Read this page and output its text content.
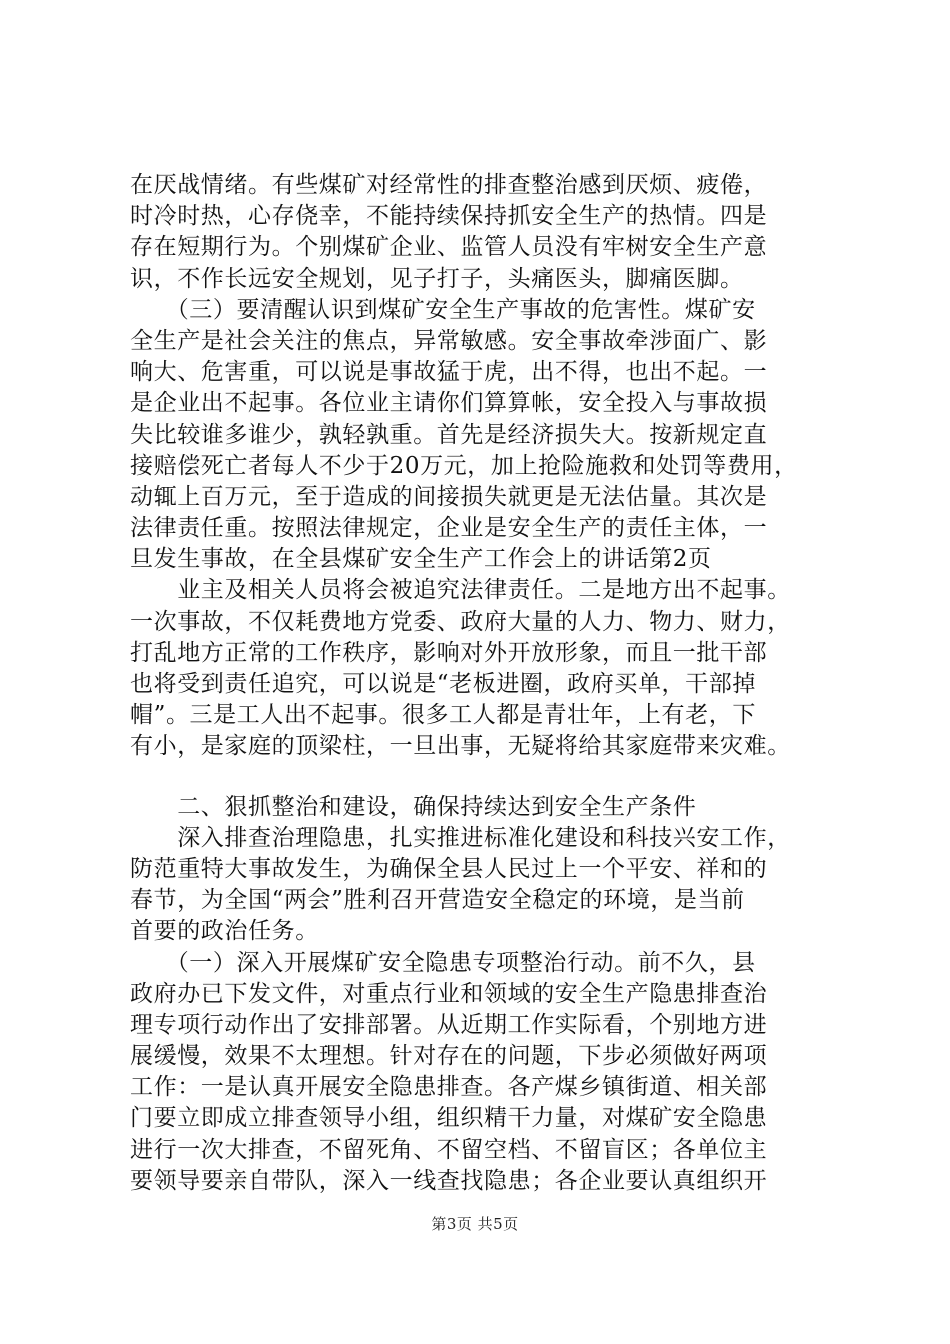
在厌战情绪。有些煤矿对经常性的排查整治感到厌烦、疲倦，
时冷时热，心存侥幸，不能持续保持抓安全生产的热情。四是
存在短期行为。个别煤矿企业、监管人员没有牢树安全生产意
识，不作长远安全规划，见子打子，头痛医头，脚痛医脚。
　　（三）要清醒认识到煤矿安全生产事故的危害性。煤矿安
全生产是社会关注的焦点，异常敏感。安全事故牵涉面广、影
响大、危害重，可以说是事故猛于虎，出不得，也出不起。一
是企业出不起事。各位业主请你们算算帐，安全投入与事故损
失比较谁多谁少，孰轻孰重。首先是经济损失大。按新规定直
接赔偿死亡者每人不少于20万元，加上抢险施救和处罚等费用，
动辄上百万元，至于造成的间接损失就更是无法估量。其次是
法律责任重。按照法律规定，企业是安全生产的责任主体，一
旦发生事故，在全县煤矿安全生产工作会上的讲话第2页
　　业主及相关人员将会被追究法律责任。二是地方出不起事。
一次事故，不仅耗费地方党委、政府大量的人力、物力、财力，
打乱地方正常的工作秩序，影响对外开放形象，而且一批干部
也将受到责任追究，可以说是“老板进圈，政府买单，干部掉
帽”。三是工人出不起事。很多工人都是青壮年，上有老，下
有小，是家庭的顶梁柱，一旦出事，无疑将给其家庭带来灾难。
　　二、狠抓整治和建设，确保持续达到安全生产条件
　　深入排查治理隐患，扎实推进标准化建设和科技兴安工作，
防范重特大事故发生，为确保全县人民过上一个平安、祥和的
春节，为全国“两会”胜利召开营造安全稳定的环境，是当前
首要的政治任务。
　　（一）深入开展煤矿安全隐患专项整治行动。前不久，县
政府办已下发文件，对重点行业和领域的安全生产隐患排查治
理专项行动作出了安排部署。从近期工作实际看，个别地方进
展缓慢，效果不太理想。针对存在的问题，下步必须做好两项
工作：一是认真开展安全隐患排查。各产煤乡镇街道、相关部
门要立即成立排查领导小组，组织精干力量，对煤矿安全隐患
进行一次大排查，不留死角、不留空档、不留盲区；各单位主
要领导要亲自带队，深入一线查找隐患；各企业要认真组织开
第3页 共5页
